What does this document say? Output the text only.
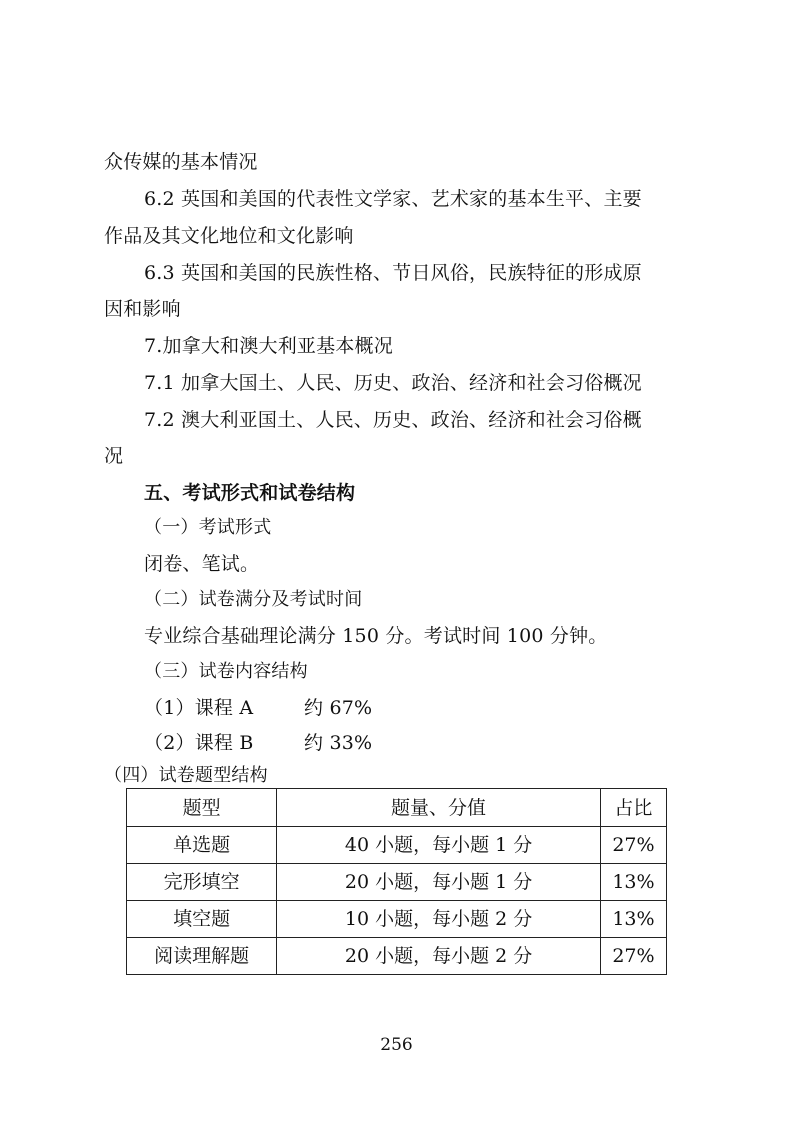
众传媒的基本情况
6.2 英国和美国的代表性文学家、艺术家的基本生平、主要
作品及其文化地位和文化影响
6.3 英国和美国的民族性格、节日风俗，民族特征的形成原
因和影响
7.加拿大和澳大利亚基本概况
7.1 加拿大国土、人民、历史、政治、经济和社会习俗概况
7.2 澳大利亚国土、人民、历史、政治、经济和社会习俗概
况
五、考试形式和试卷结构
（一）考试形式
闭卷、笔试。
（二）试卷满分及考试时间
专业综合基础理论满分 150 分。考试时间 100 分钟。
（三）试卷内容结构
（1）课程 A	约 67%
（2）课程 B	约 33%
（四）试卷题型结构
题型	题量、分值	占比
单选题	40 小题，每小题 1 分	27%
完形填空	20 小题，每小题 1 分	13%
填空题	10 小题，每小题 2 分	13%
阅读理解题	20 小题，每小题 2 分	27%
256
